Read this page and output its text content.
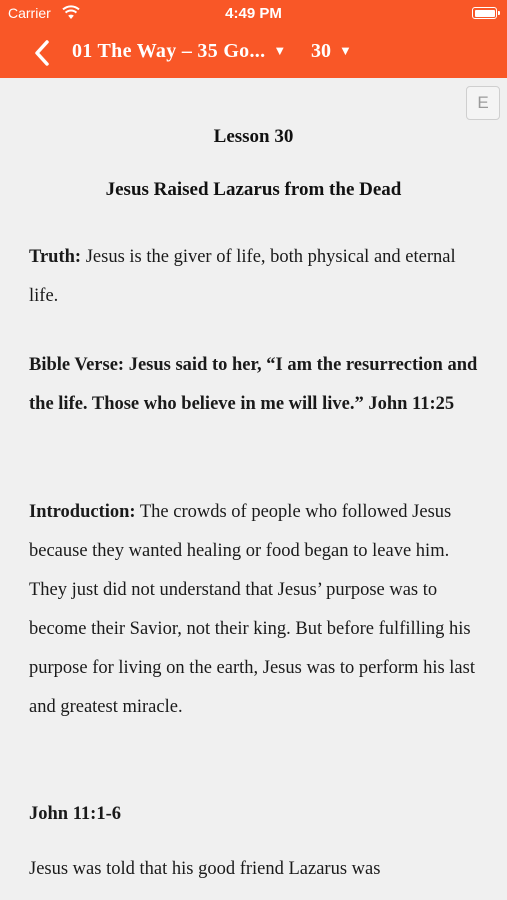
Carrier	4:49 PM
01 The Way – 35 Go... ▼ 30 ▼
E
Lesson 30
Jesus Raised Lazarus from the Dead
Truth: Jesus is the giver of life, both physical and eternal life.
Bible Verse: Jesus said to her, “I am the resurrection and the life. Those who believe in me will live.” John 11:25
Introduction: The crowds of people who followed Jesus because they wanted healing or food began to leave him. They just did not understand that Jesus’ purpose was to become their Savior, not their king. But before fulfilling his purpose for living on the earth, Jesus was to perform his last and greatest miracle.
John 11:1-6
Jesus was told that his good friend Lazarus was
